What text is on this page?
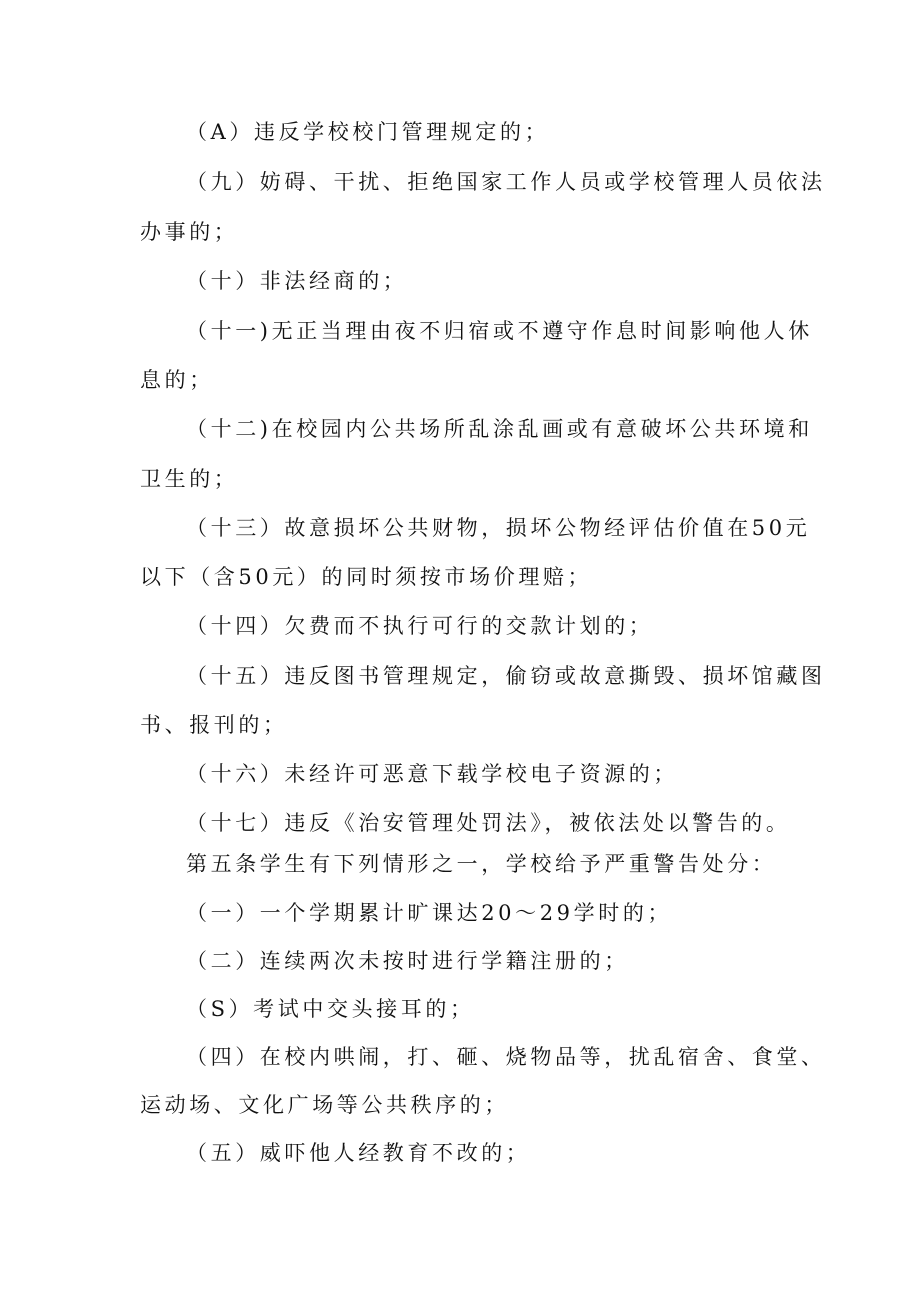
（A）违反学校校门管理规定的；
（九）妨碍、干扰、拒绝国家工作人员或学校管理人员依法
办事的；
（十）非法经商的；
（十一)无正当理由夜不归宿或不遵守作息时间影响他人休
息的；
（十二)在校园内公共场所乱涂乱画或有意破坏公共环境和
卫生的；
（十三）故意损坏公共财物，损坏公物经评估价值在50元
以下（含50元）的同时须按市场价理赔；
（十四）欠费而不执行可行的交款计划的；
（十五）违反图书管理规定，偷窃或故意撕毁、损坏馆藏图
书、报刊的；
（十六）未经许可恶意下载学校电子资源的；
（十七）违反《治安管理处罚法》，被依法处以警告的。
第五条学生有下列情形之一，学校给予严重警告处分：
（一）一个学期累计旷课达20～29学时的；
（二）连续两次未按时进行学籍注册的；
（S）考试中交头接耳的；
（四）在校内哄闹，打、砸、烧物品等，扰乱宿舍、食堂、
运动场、文化广场等公共秩序的；
（五）威吓他人经教育不改的；
